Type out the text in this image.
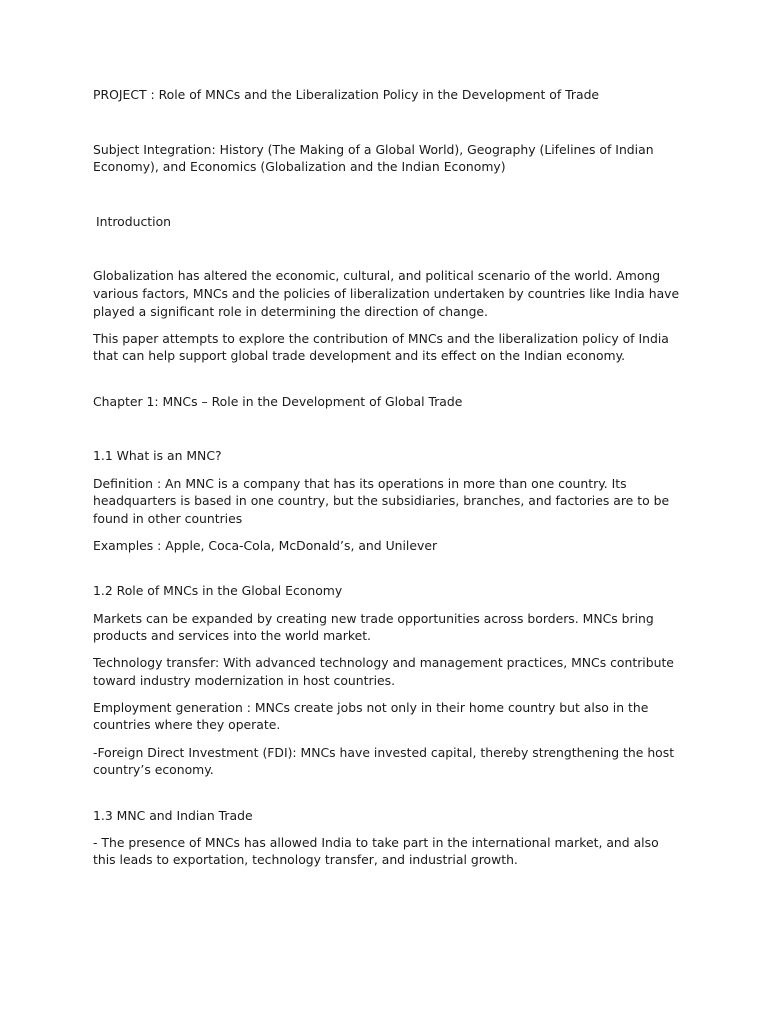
PROJECT : Role of MNCs and the Liberalization Policy in the Development of Trade

Subject Integration: History (The Making of a Global World), Geography (Lifelines of Indian Economy), and Economics (Globalization and the Indian Economy)

Introduction

Globalization has altered the economic, cultural, and political scenario of the world. Among various factors, MNCs and the policies of liberalization undertaken by countries like India have played a significant role in determining the direction of change.

This paper attempts to explore the contribution of MNCs and the liberalization policy of India that can help support global trade development and its effect on the Indian economy.

Chapter 1: MNCs – Role in the Development of Global Trade

1.1 What is an MNC?

Definition : An MNC is a company that has its operations in more than one country. Its headquarters is based in one country, but the subsidiaries, branches, and factories are to be found in other countries

Examples : Apple, Coca-Cola, McDonald’s, and Unilever

1.2 Role of MNCs in the Global Economy

Markets can be expanded by creating new trade opportunities across borders. MNCs bring products and services into the world market.

Technology transfer: With advanced technology and management practices, MNCs contribute toward industry modernization in host countries.

Employment generation : MNCs create jobs not only in their home country but also in the countries where they operate.

-Foreign Direct Investment (FDI): MNCs have invested capital, thereby strengthening the host country’s economy.

1.3 MNC and Indian Trade

- The presence of MNCs has allowed India to take part in the international market, and also this leads to exportation, technology transfer, and industrial growth.
